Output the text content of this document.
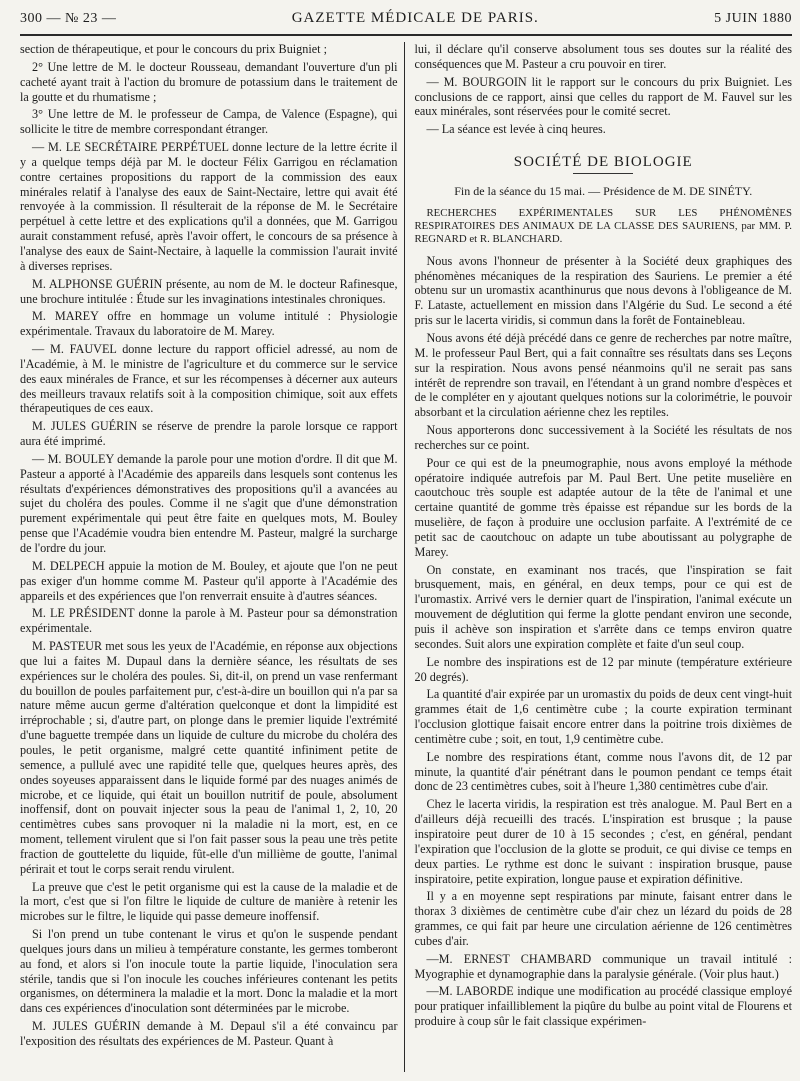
300 — № 23 —	GAZETTE MÉDICALE DE PARIS.	5 JUIN 1880

section de thérapeutique, et pour le concours du prix Buigniet ;

2° Une lettre de M. le docteur Rousseau, demandant l'ouverture d'un pli cacheté ayant trait à l'action du bromure de potassium dans le traitement de la goutte et du rhumatisme ;

3° Une lettre de M. le professeur de Campa, de Valence (Espagne), qui sollicite le titre de membre correspondant étranger.

— M. LE SECRÉTAIRE PERPÉTUEL donne lecture de la lettre écrite il y a quelque temps déjà par M. le docteur Félix Garrigou en réclamation contre certaines propositions du rapport de la commission des eaux minérales relatif à l'analyse des eaux de Saint-Nectaire, lettre qui avait été renvoyée à la commission. Il résulterait de la réponse de M. le Secrétaire perpétuel à cette lettre et des explications qu'il a données, que M. Garrigou aurait constamment refusé, après l'avoir offert, le concours de sa présence à l'analyse des eaux de Saint-Nectaire, à laquelle la commission l'aurait invité à diverses reprises.

M. ALPHONSE GUÉRIN présente, au nom de M. le docteur Rafinesque, une brochure intitulée : Étude sur les invaginations intestinales chroniques.

M. MAREY offre en hommage un volume intitulé : Physiologie expérimentale. Travaux du laboratoire de M. Marey.

— M. FAUVEL donne lecture du rapport officiel adressé, au nom de l'Académie, à M. le ministre de l'agriculture et du commerce sur le service des eaux minérales de France, et sur les récompenses à décerner aux auteurs des meilleurs travaux relatifs soit à la composition chimique, soit aux effets thérapeutiques de ces eaux.

M. JULES GUÉRIN se réserve de prendre la parole lorsque ce rapport aura été imprimé.

— M. BOULEY demande la parole pour une motion d'ordre. Il dit que M. Pasteur a apporté à l'Académie des appareils dans lesquels sont contenus les résultats d'expériences démonstratives des propositions qu'il a avancées au sujet du choléra des poules. Comme il ne s'agit que d'une démonstration purement expérimentale qui peut être faite en quelques mots, M. Bouley pense que l'Académie voudra bien entendre M. Pasteur, malgré la surcharge de l'ordre du jour.

M. DELPECH appuie la motion de M. Bouley, et ajoute que l'on ne peut pas exiger d'un homme comme M. Pasteur qu'il apporte à l'Académie des appareils et des expériences que l'on renverrait ensuite à d'autres séances.

M. LE PRÉSIDENT donne la parole à M. Pasteur pour sa démonstration expérimentale.

M. PASTEUR met sous les yeux de l'Académie, en réponse aux objections que lui a faites M. Dupaul dans la dernière séance, les résultats de ses expériences sur le choléra des poules. Si, dit-il, on prend un vase renfermant du bouillon de poules parfaitement pur, c'est-à-dire un bouillon qui n'a par sa nature même aucun germe d'altération quelconque et dont la limpidité est irréprochable ; si, d'autre part, on plonge dans le premier liquide l'extrémité d'une baguette trempée dans un liquide de culture du microbe du choléra des poules, le petit organisme, malgré cette quantité infiniment petite de semence, a pullulé avec une rapidité telle que, quelques heures après, des ondes soyeuses apparaissent dans le liquide formé par des nuages animés de microbe, et ce liquide, qui était un bouillon nutritif de poule, absolument inoffensif, dont on pouvait injecter sous la peau de l'animal 1, 2, 10, 20 centimètres cubes sans provoquer ni la maladie ni la mort, est, en ce moment, tellement virulent que si l'on fait passer sous la peau une très petite fraction de gouttelette du liquide, fût-elle d'un millième de goutte, l'animal périrait et tout le corps serait rendu virulent.

La preuve que c'est le petit organisme qui est la cause de la maladie et de la mort, c'est que si l'on filtre le liquide de culture de manière à retenir les microbes sur le filtre, le liquide qui passe demeure inoffensif.

Si l'on prend un tube contenant le virus et qu'on le suspende pendant quelques jours dans un milieu à température constante, les germes tomberont au fond, et alors si l'on inocule toute la partie liquide, l'inoculation sera stérile, tandis que si l'on inocule les couches inférieures contenant les petits organismes, on déterminera la maladie et la mort. Donc la maladie et la mort dans ces expériences d'inoculation sont déterminées par le microbe.

M. JULES GUÉRIN demande à M. Depaul s'il a été convaincu par l'exposition des résultats des expériences de M. Pasteur. Quant à

lui, il déclare qu'il conserve absolument tous ses doutes sur la réalité des conséquences que M. Pasteur a cru pouvoir en tirer.

— M. BOURGOIN lit le rapport sur le concours du prix Buigniet. Les conclusions de ce rapport, ainsi que celles du rapport de M. Fauvel sur les eaux minérales, sont réservées pour le comité secret.

— La séance est levée à cinq heures.

SOCIÉTÉ DE BIOLOGIE
Fin de la séance du 15 mai. — Présidence de M. DE SINÉTY.
RECHERCHES EXPÉRIMENTALES SUR LES PHÉNOMÈNES RESPIRATOIRES DES ANIMAUX DE LA CLASSE DES SAURIENS, par MM. P. REGNARD et R. BLANCHARD.

Nous avons l'honneur de présenter à la Société deux graphiques des phénomènes mécaniques de la respiration des Sauriens. Le premier a été obtenu sur un uromastix acanthinurus que nous devons à l'obligeance de M. F. Lataste, actuellement en mission dans l'Algérie du Sud. Le second a été pris sur le lacerta viridis, si commun dans la forêt de Fontainebleau.

Nous avons été déjà précédé dans ce genre de recherches par notre maître, M. le professeur Paul Bert, qui a fait connaître ses résultats dans ses Leçons sur la respiration. Nous avons pensé néanmoins qu'il ne serait pas sans intérêt de reprendre son travail, en l'étendant à un grand nombre d'espèces et de le compléter en y ajoutant quelques notions sur la colorimétrie, le pouvoir absorbant et la circulation aérienne chez les reptiles.

Nous apporterons donc successivement à la Société les résultats de nos recherches sur ce point.

Pour ce qui est de la pneumographie, nous avons employé la méthode opératoire indiquée autrefois par M. Paul Bert. Une petite muselière en caoutchouc très souple est adaptée autour de la tête de l'animal et une certaine quantité de gomme très épaisse est répandue sur les bords de la muselière, de façon à produire une occlusion parfaite. A l'extrémité de ce petit sac de caoutchouc on adapte un tube aboutissant au polygraphe de Marey.

On constate, en examinant nos tracés, que l'inspiration se fait brusquement, mais, en général, en deux temps, pour ce qui est de l'uromastix. Arrivé vers le dernier quart de l'inspiration, l'animal exécute un mouvement de déglutition qui ferme la glotte pendant environ une seconde, puis il achève son inspiration et s'arrête dans ce temps environ quatre secondes. Suit alors une expiration complète et faite d'un seul coup.

Le nombre des inspirations est de 12 par minute (température extérieure 20 degrés).

La quantité d'air expirée par un uromastix du poids de deux cent vingt-huit grammes était de 1,6 centimètre cube ; la courte expiration terminant l'occlusion glottique faisait encore entrer dans la poitrine trois dixièmes de centimètre cube ; soit, en tout, 1,9 centimètre cube.

Le nombre des respirations étant, comme nous l'avons dit, de 12 par minute, la quantité d'air pénétrant dans le poumon pendant ce temps était donc de 23 centimètres cubes, soit à l'heure 1,380 centimètres cube d'air.

Chez le lacerta viridis, la respiration est très analogue. M. Paul Bert en a d'ailleurs déjà recueilli des tracés. L'inspiration est brusque ; la pause inspiratoire peut durer de 10 à 15 secondes ; c'est, en général, pendant l'expiration que l'occlusion de la glotte se produit, ce qui divise ce temps en deux parties. Le rythme est donc le suivant : inspiration brusque, pause inspiratoire, petite expiration, longue pause et expiration définitive.

Il y a en moyenne sept respirations par minute, faisant entrer dans le thorax 3 dixièmes de centimètre cube d'air chez un lézard du poids de 28 grammes, ce qui fait par heure une circulation aérienne de 126 centimètres cubes d'air.

—M. ERNEST CHAMBARD communique un travail intitulé : Myographie et dynamographie dans la paralysie générale. (Voir plus haut.)

—M. LABORDE indique une modification au procédé classique employé pour pratiquer infailliblement la piqûre du bulbe au point vital de Flourens et produire à coup sûr le fait classique expérimen-
